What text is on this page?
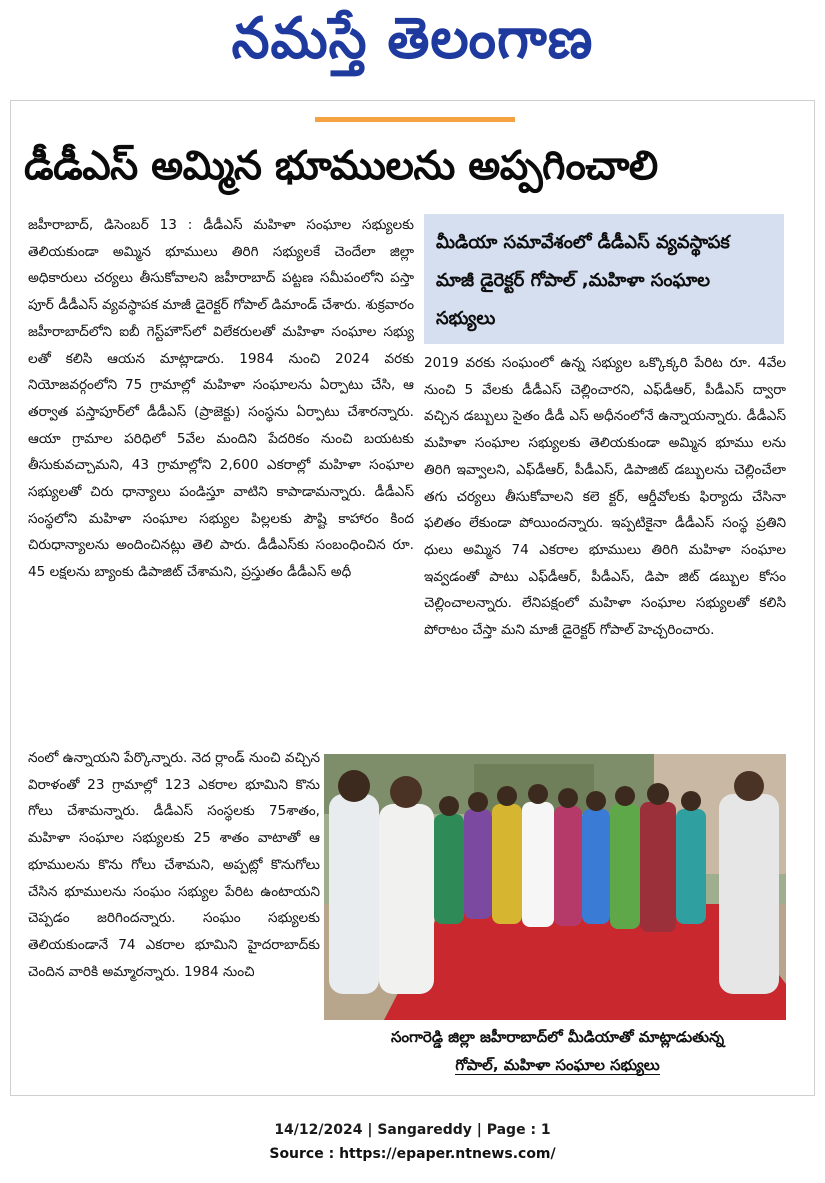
నమస్తే తెలంగాణ
డీడీఎస్ అమ్మిన భూములను అప్పగించాలి

జహీరాబాద్, డిసెంబర్ 13 : డీడీఎస్ మహిళా సంఘాల సభ్యులకు తెలియకుండా అమ్మిన భూములు తిరిగి సభ్యులకే చెందేలా జిల్లా అధికారులు చర్యలు తీసుకోవాలని జహీరాబాద్ పట్టణ సమీపంలోని పస్తా పూర్ డీడీఎస్ వ్యవస్థాపక మాజీ డైరెక్టర్ గోపాల్ డిమాండ్ చేశారు. శుక్రవారం జహీరాబాద్‌లోని ఐబీ గెస్ట్‌హౌస్‌లో విలేకరులతో మహిళా సంఘాల సభ్యు లతో కలిసి ఆయన మాట్లాడారు. 1984 నుంచి 2024 వరకు నియోజవర్గంలోని 75 గ్రామాల్లో మహిళా సంఘాలను ఏర్పాటు చేసి, ఆ తర్వాత పస్తాపూర్‌లో డీడీఎస్ (ప్రాజెక్టు) సంస్థను ఏర్పాటు చేశారన్నారు. ఆయా గ్రామాల పరిధిలో 5వేల మందిని పేదరికం నుంచి బయటకు తీసుకువచ్చామని, 43 గ్రామాల్లోని 2,600 ఎకరాల్లో మహిళా సంఘాల సభ్యులతో చిరు ధాన్యాలు పండిస్తూ వాటిని కాపాడామన్నారు. డీడీఎస్ సంస్థలోని మహిళా సంఘాల సభ్యుల పిల్లలకు పౌష్టి కాహారం కింద చిరుధాన్యాలను అందించినట్లు తెలి పారు. డీడీఎస్‌కు సంబంధించిన రూ. 45 లక్షలను బ్యాంకు డిపాజిట్ చేశామని, ప్రస్తుతం డీడీఎస్ అధీ

నంలో ఉన్నాయని పేర్కొన్నారు. నెద ర్లాండ్ నుంచి వచ్చిన విరాళంతో 23 గ్రామాల్లో 123 ఎకరాల భూమిని కొను గోలు చేశామన్నారు. డీడీఎస్ సంస్థలకు 75శాతం, మహిళా సంఘాల సభ్యులకు 25 శాతం వాటాతో ఆ భూములను కొను గోలు చేశామని, అప్పట్లో కొనుగోలు చేసిన భూములను సంఘం సభ్యుల పేరిట ఉంటాయని చెప్పడం జరిగిందన్నారు. సంఘం సభ్యులకు తెలియకుండానే 74 ఎకరాల భూమిని హైదరాబాద్‌కు చెందిన వారికి అమ్మారన్నారు. 1984 నుంచి

మీడియా సమావేశంలో డీడీఎస్ వ్యవస్థాపక మాజీ డైరెక్టర్ గోపాల్ ,మహిళా సంఘాల సభ్యులు

2019 వరకు సంఘంలో ఉన్న సభ్యుల ఒక్కొక్కరి పేరిట రూ. 4వేల నుంచి 5 వేలకు డీడీఎస్ చెల్లించారని, ఎఫ్‌డీఆర్, పీడీఎస్ ద్వారా వచ్చిన డబ్బులు సైతం డీడీ ఎస్ అధీనంలోనే ఉన్నాయన్నారు. డీడీఎస్ మహిళా సంఘాల సభ్యులకు తెలియకుండా అమ్మిన భూము లను తిరిగి ఇవ్వాలని, ఎఫ్‌డీఆర్, పీడీఎస్, డిపాజిట్ డబ్బులను చెల్లించేలా తగు చర్యలు తీసుకోవాలని కలె క్టర్, ఆర్డీవోలకు ఫిర్యాదు చేసినా ఫలితం లేకుండా పోయిందన్నారు. ఇప్పటికైనా డీడీఎస్ సంస్థ ప్రతిని ధులు అమ్మిన 74 ఎకరాల భూములు తిరిగి మహిళా సంఘాల ఇవ్వడంతో పాటు ఎఫ్‌డీఆర్, పీడీఎస్, డిపా జిట్ డబ్బుల కోసం చెల్లించాలన్నారు. లేనిపక్షంలో మహిళా సంఘాల సభ్యులతో కలిసి పోరాటం చేస్తా మని మాజీ డైరెక్టర్ గోపాల్ హెచ్చరించారు.

సంగారెడ్డి జిల్లా జహీరాబాద్‌లో మీడియాతో మాట్లాడుతున్న
గోపాల్, మహిళా సంఘాల సభ్యులు
14/12/2024 | Sangareddy | Page : 1
Source : https://epaper.ntnews.com/
